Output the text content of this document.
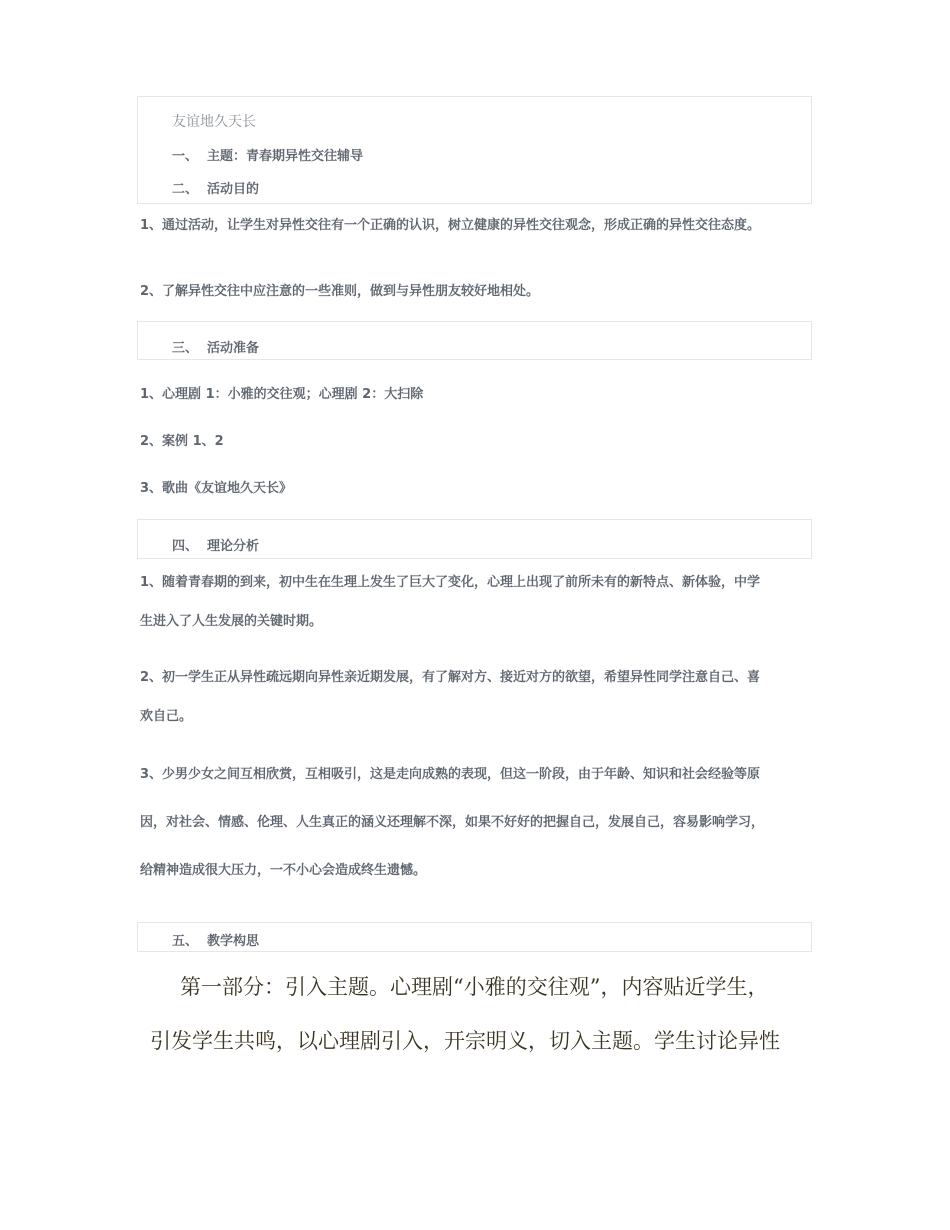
友谊地久天长
一、 主题：青春期异性交往辅导
二、 活动目的
1、通过活动，让学生对异性交往有一个正确的认识，树立健康的异性交往观念，形成正确的异性交往态度。
2、了解异性交往中应注意的一些准则，做到与异性朋友较好地相处。
三、 活动准备
1、心理剧 1：小雅的交往观；心理剧 2：大扫除
2、案例 1、2
3、歌曲《友谊地久天长》
四、 理论分析
1、随着青春期的到来，初中生在生理上发生了巨大了变化，心理上出现了前所未有的新特点、新体验，中学
生进入了人生发展的关键时期。
2、初一学生正从异性疏远期向异性亲近期发展，有了解对方、接近对方的欲望，希望异性同学注意自己、喜
欢自己。
3、少男少女之间互相欣赏，互相吸引，这是走向成熟的表现，但这一阶段，由于年龄、知识和社会经验等原
因，对社会、情感、伦理、人生真正的涵义还理解不深，如果不好好的把握自己，发展自己，容易影响学习，
给精神造成很大压力，一不小心会造成终生遗憾。
五、 教学构思
第一部分：引入主题。心理剧“小雅的交往观”，内容贴近学生，
引发学生共鸣，以心理剧引入，开宗明义，切入主题。学生讨论异性
